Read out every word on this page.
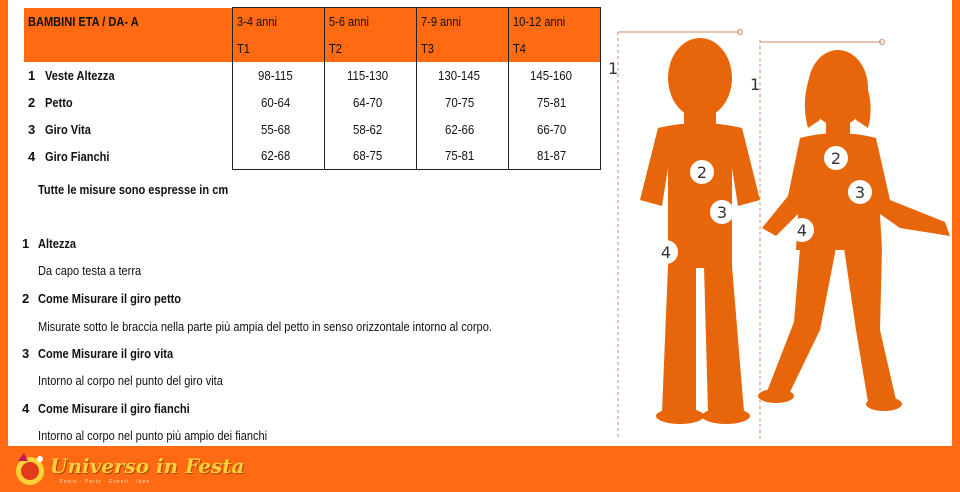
BAMBINI ETA / DA- A		3-4 anni	5-6 anni	7-9 anni	10-12 anni
		T1	T2	T3	T4
1	Veste Altezza	98-115	115-130	130-145	145-160
2	Petto	60-64	64-70	70-75	75-81
3	Giro Vita	55-68	58-62	62-66	66-70
4	Giro Fianchi	62-68	68-75	75-81	81-87
Tutte le misure sono espresse in cm
1 Altezza
Da capo testa a terra
2 Come Misurare il giro petto
Misurate sotto le braccia nella parte più ampia del petto in senso orizzontale intorno al corpo.
3 Come Misurare il giro vita
Intorno al corpo nel punto del giro vita
4 Come Misurare il giro fianchi
Intorno al corpo nel punto più ampio dei fianchi
1
1
2
2
3
3
4
4
Universo in Festa
Feste · Party · Eventi · Idee
